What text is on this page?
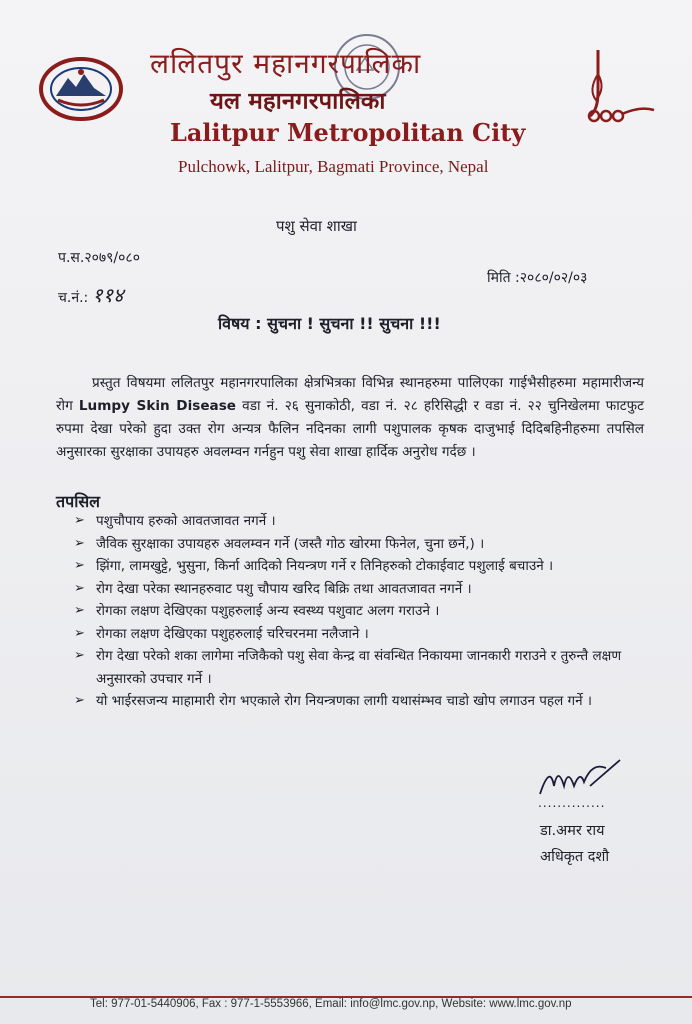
ललितपुर महानगरपालिका
यल महानगरपालिका
Lalitpur Metropolitan City
Pulchowk, Lalitpur, Bagmati Province, Nepal
पशु सेवा शाखा
प.स.२०७९/०८०
च.नं.: ११४
मिति :२०८०/०२/०३
विषय : सुचना ! सुचना !! सुचना !!!
प्रस्तुत विषयमा ललितपुर महानगरपालिका क्षेत्रभित्रका विभिन्न स्थानहरुमा पालिएका गाईभैसीहरुमा महामारीजन्य रोग Lumpy Skin Disease वडा नं. २६ सुनाकोठी, वडा नं. २८ हरिसिद्धी र वडा नं. २२ चुनिखेलमा फाटफुट रुपमा देखा परेको हुदा उक्त रोग अन्यत्र फैलिन नदिनका लागी पशुपालक कृषक दाजुभाई दिदिबहिनीहरुमा तपसिल अनुसारका सुरक्षाका उपायहरु अवलम्वन गर्नहुन पशु सेवा शाखा हार्दिक अनुरोध गर्दछ ।
तपसिल
➢ पशुचौपाय हरुको आवतजावत नगर्ने ।
➢ जैविक सुरक्षाका उपायहरु अवलम्वन गर्ने (जस्तै गोठ खोरमा फिनेल, चुना छर्ने,) ।
➢ झिंगा, लामखुट्टे, भुसुना, किर्ना आदिको नियन्त्रण गर्ने र तिनिहरुको टोकाईवाट पशुलाई बचाउने ।
➢ रोग देखा परेका स्थानहरुवाट पशु चौपाय खरिद बिक्रि तथा आवतजावत नगर्ने ।
➢ रोगका लक्षण देखिएका पशुहरुलाई अन्य स्वस्थ्य पशुवाट अलग गराउने ।
➢ रोगका लक्षण देखिएका पशुहरुलाई चरिचरनमा नलैजाने ।
➢ रोग देखा परेको शका लागेमा नजिकैको पशु सेवा केन्द्र वा संवन्धित निकायमा जानकारी गराउने र तुरुन्तै लक्षण अनुसारको उपचार गर्ने ।
➢ यो भाईरसजन्य माहामारी रोग भएकाले रोग नियन्त्रणका लागी यथासंम्भव चाडो खोप लगाउन पहल गर्ने ।
..............
डा.अमर राय
अधिकृत दशौ
Tel: 977-01-5440906, Fax : 977-1-5553966, Email: info@lmc.gov.np, Website: www.lmc.gov.np
